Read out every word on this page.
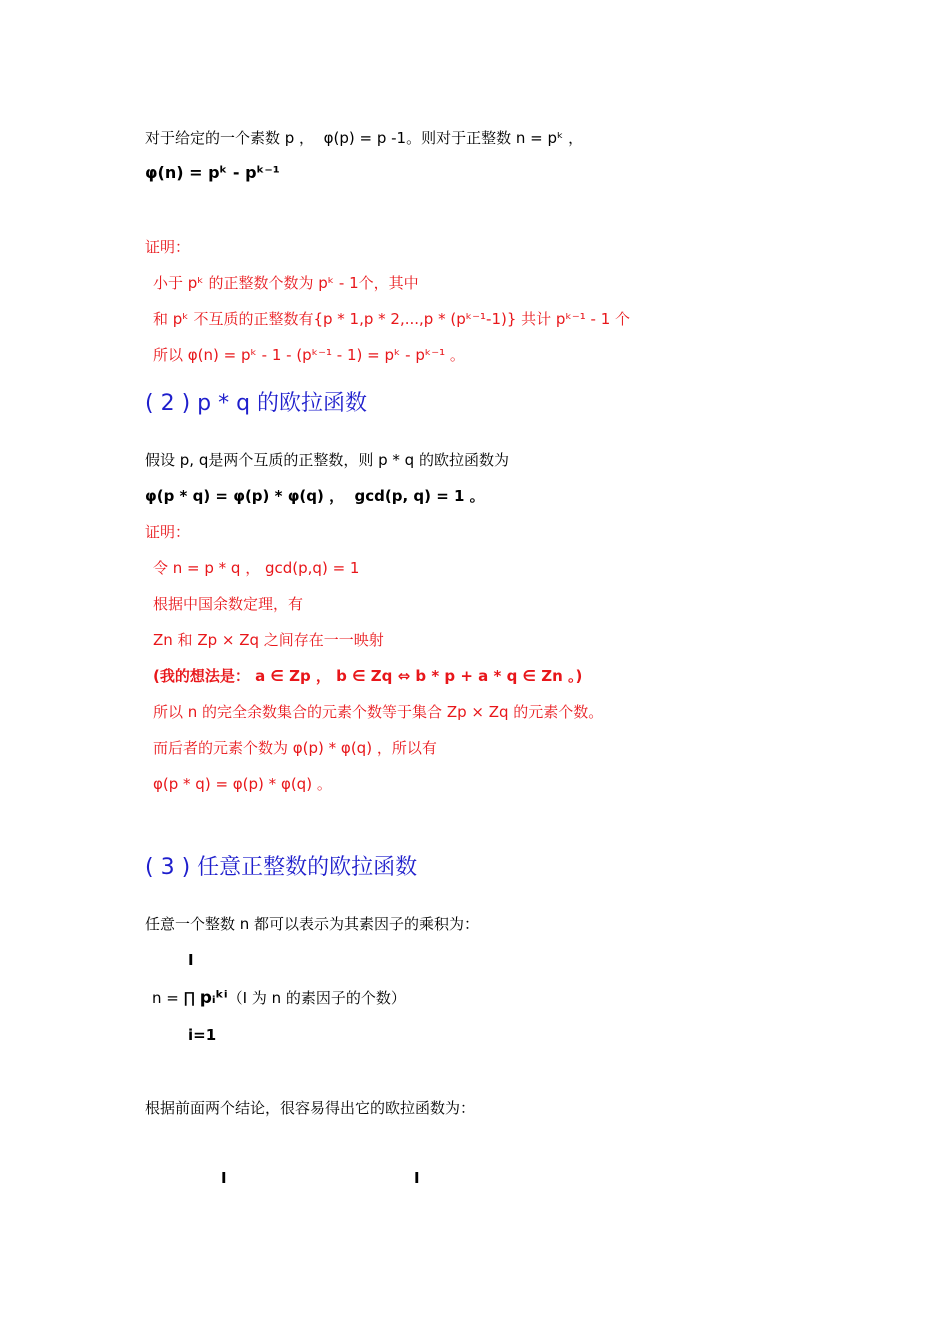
对于给定的一个素数 p ，  φ(p) = p -1。则对于正整数 n = pᵏ ，
φ(n) = pᵏ - pᵏ⁻¹
证明：
小于 pᵏ 的正整数个数为 pᵏ - 1个，其中
和 pᵏ 不互质的正整数有{p * 1,p * 2,...,p * (pᵏ⁻¹-1)} 共计 pᵏ⁻¹ - 1 个
所以 φ(n) = pᵏ - 1 - (pᵏ⁻¹ - 1) = pᵏ - pᵏ⁻¹ 。
( 2 ) p * q 的欧拉函数
假设 p, q是两个互质的正整数，则 p * q 的欧拉函数为
φ(p * q) = φ(p) * φ(q) ，  gcd(p, q) = 1 。
证明：
令 n = p * q ， gcd(p,q) = 1
根据中国余数定理，有
Zn 和 Zp × Zq 之间存在一一映射
(我的想法是： a ∈ Zp ， b ∈ Zq ⇔ b * p + a * q ∈ Zn 。)
所以 n 的完全余数集合的元素个数等于集合 Zp × Zq 的元素个数。
而后者的元素个数为 φ(p) * φ(q) ，所以有
φ(p * q) = φ(p) * φ(q) 。
( 3 ) 任意正整数的欧拉函数
任意一个整数 n 都可以表示为其素因子的乘积为：
I
n = ∏ pᵢᵏⁱ（I 为 n 的素因子的个数）
i=1
根据前面两个结论，很容易得出它的欧拉函数为：
I	I
